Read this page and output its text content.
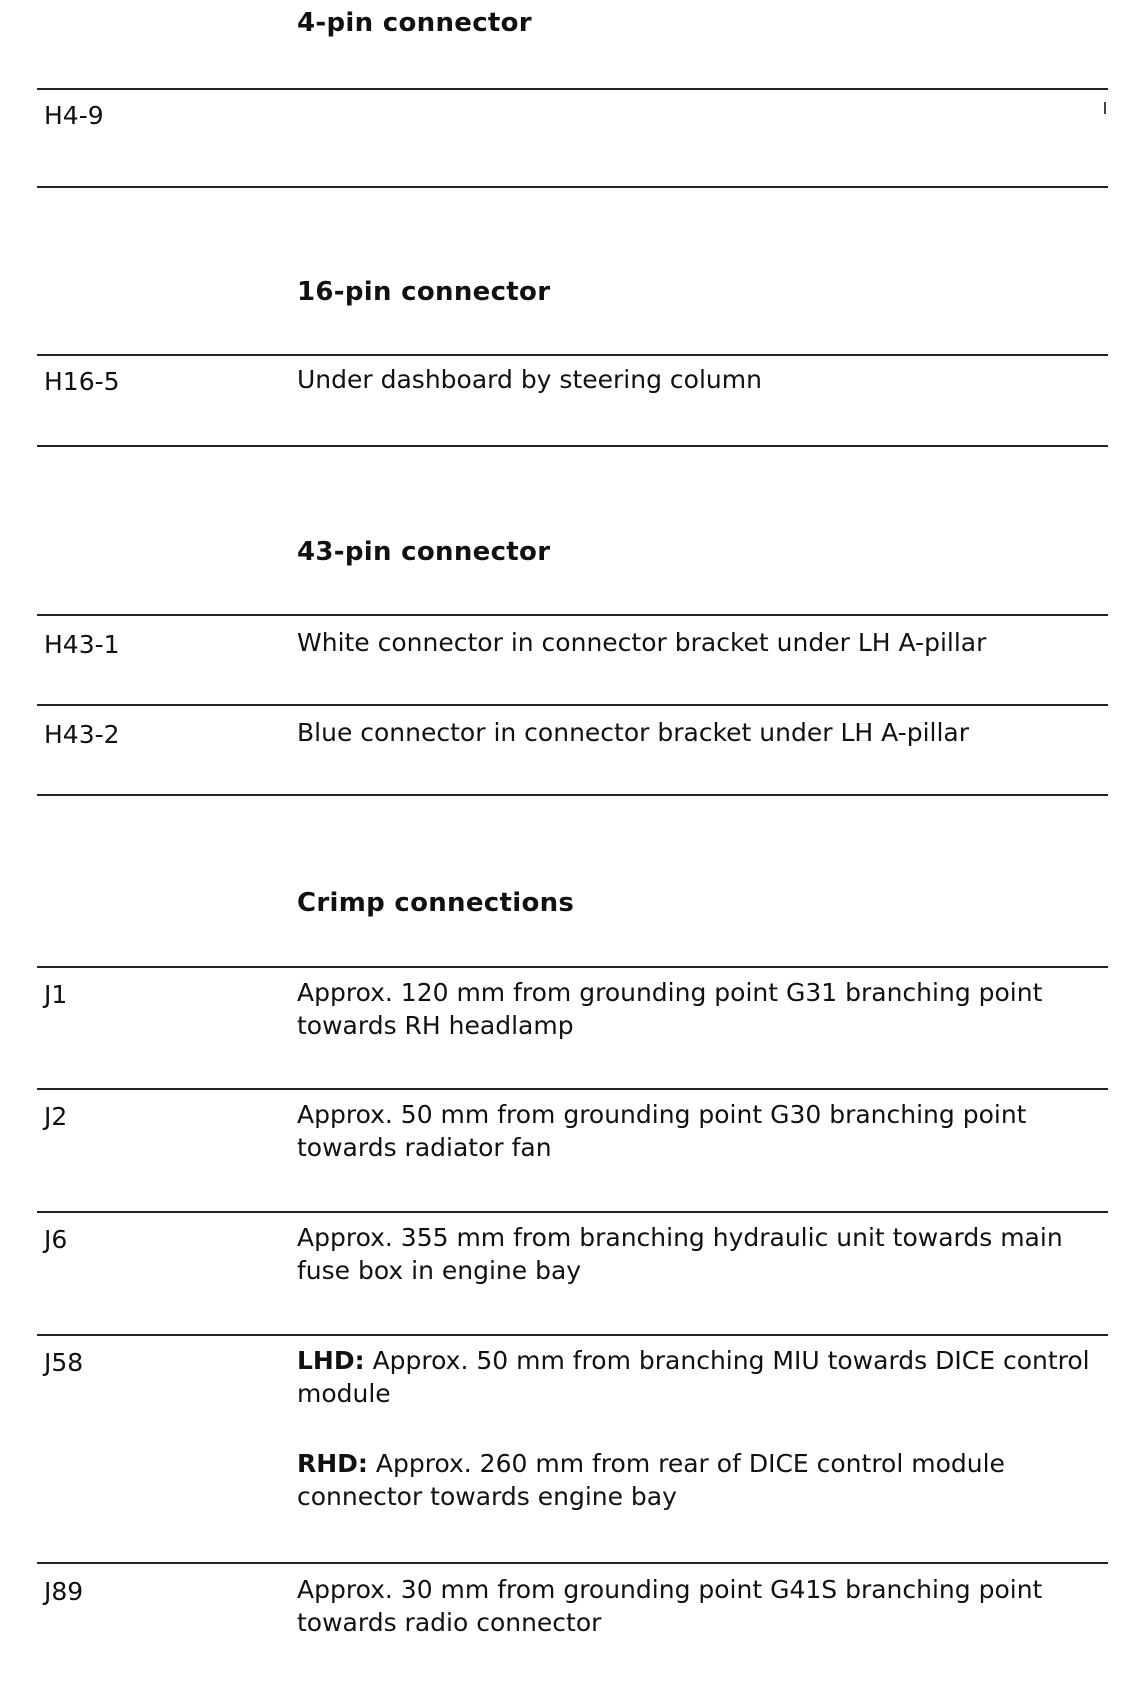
4-pin connector
H4-9
16-pin connector
H16-5	Under dashboard by steering column
43-pin connector
H43-1	White connector in connector bracket under LH A-pillar
H43-2	Blue connector in connector bracket under LH A-pillar
Crimp connections
J1	Approx. 120 mm from grounding point G31 branching point towards RH headlamp
J2	Approx. 50 mm from grounding point G30 branching point towards radiator fan
J6	Approx. 355 mm from branching hydraulic unit towards main fuse box in engine bay
J58	LHD: Approx. 50 mm from branching MIU towards DICE control module

RHD: Approx. 260 mm from rear of DICE control module connector towards engine bay

J89	Approx. 30 mm from grounding point G41S branching point towards radio connector
